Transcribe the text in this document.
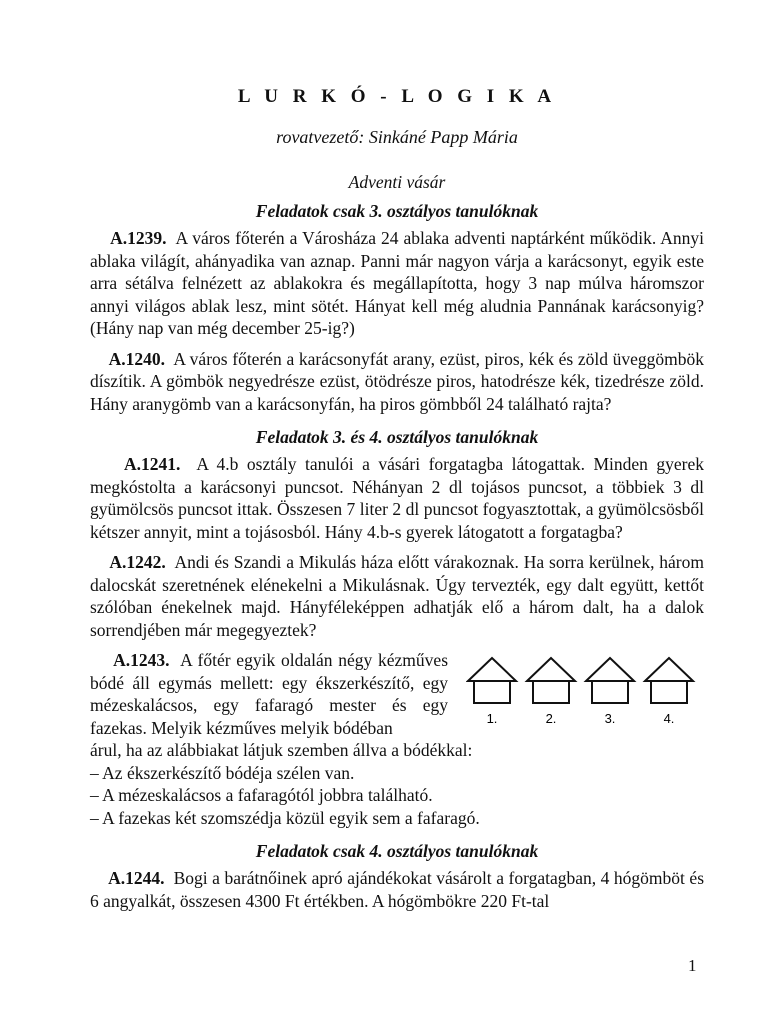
L U R K Ó - L O G I K A
rovatvezető: Sinkáné Papp Mária
Adventi vásár
Feladatok csak 3. osztályos tanulóknak
A.1239. A város főterén a Városháza 24 ablaka adventi naptárként működik. Annyi ablaka világít, ahányadika van aznap. Panni már nagyon várja a karácsonyt, egyik este arra sétálva felnézett az ablakokra és megállapította, hogy 3 nap múlva háromszor annyi világos ablak lesz, mint sötét. Hányat kell még aludnia Pannának karácsonyig? (Hány nap van még december 25-ig?)
A.1240. A város főterén a karácsonyfát arany, ezüst, piros, kék és zöld üveggömbök díszítik. A gömbök negyedrésze ezüst, ötödrésze piros, hatodrésze kék, tizedrésze zöld. Hány aranygömb van a karácsonyfán, ha piros gömbből 24 található rajta?
Feladatok 3. és 4. osztályos tanulóknak
A.1241. A 4.b osztály tanulói a vásári forgatagba látogattak. Minden gyerek megkóstolta a karácsonyi puncsot. Néhányan 2 dl tojásos puncsot, a többiek 3 dl gyümölcsös puncsot ittak. Összesen 7 liter 2 dl puncsot fogyasztottak, a gyümölcsösből kétszer annyit, mint a tojásosból. Hány 4.b-s gyerek látogatott a forgatagba?
A.1242. Andi és Szandi a Mikulás háza előtt várakoznak. Ha sorra kerülnek, három dalocskát szeretnének elénekelni a Mikulásnak. Úgy tervezték, egy dalt együtt, kettőt szólóban énekelnek majd. Hányféleképpen adhatják elő a három dalt, ha a dalok sorrendjében már megegyeztek?
A.1243. A főtér egyik oldalán négy kézműves bódé áll egymás mellett: egy ékszerkészítő, egy mézeskalácsos, egy fafaragó mester és egy fazekas. Melyik kézműves melyik bódéban
árul, ha az alábbiakat látjuk szemben állva a bódékkal:
– Az ékszerkészítő bódéja szélen van.
– A mézeskalácsos a fafaragótól jobbra található.
– A fazekas két szomszédja közül egyik sem a fafaragó.
1.	2.	3.	4.
Feladatok csak 4. osztályos tanulóknak
A.1244. Bogi a barátnőinek apró ajándékokat vásárolt a forgatagban, 4 hógömböt és 6 angyalkát, összesen 4300 Ft értékben. A hógömbökre 220 Ft-tal
1
